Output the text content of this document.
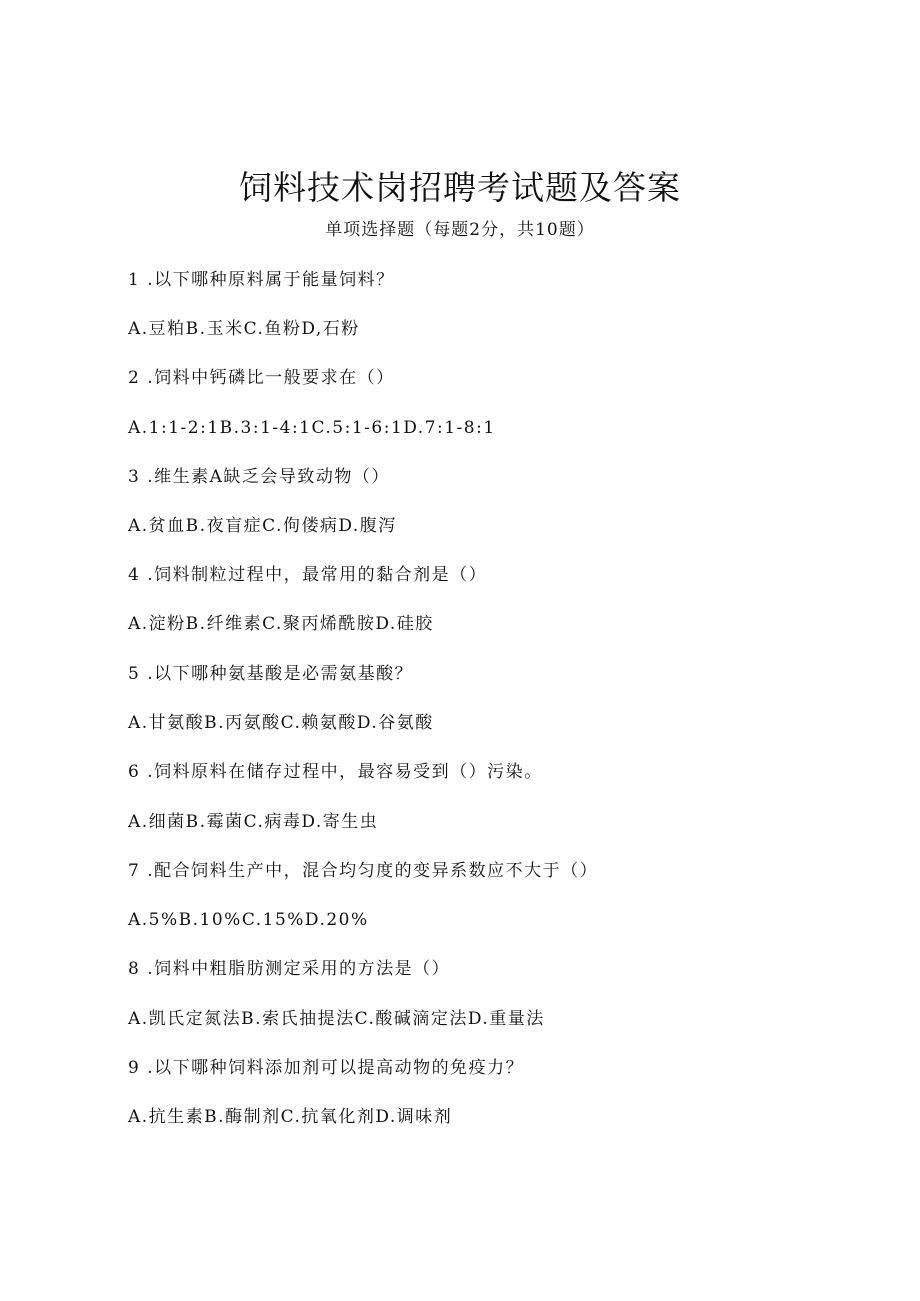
饲料技术岗招聘考试题及答案
单项选择题（每题2分，共10题）
1 .以下哪种原料属于能量饲料？
A.豆粕B.玉米C.鱼粉D,石粉
2 .饲料中钙磷比一般要求在（）
A.1:1-2:1B.3:1-4:1C.5:1-6:1D.7:1-8:1
3 .维生素A缺乏会导致动物（）
A.贫血B.夜盲症C.佝偻病D.腹泻
4 .饲料制粒过程中，最常用的黏合剂是（）
A.淀粉B.纤维素C.聚丙烯酰胺D.硅胶
5 .以下哪种氨基酸是必需氨基酸？
A.甘氨酸B.丙氨酸C.赖氨酸D.谷氨酸
6 .饲料原料在储存过程中，最容易受到（）污染。
A.细菌B.霉菌C.病毒D.寄生虫
7 .配合饲料生产中，混合均匀度的变异系数应不大于（）
A.5%B.10%C.15%D.20%
8 .饲料中粗脂肪测定采用的方法是（）
A.凯氏定氮法B.索氏抽提法C.酸碱滴定法D.重量法
9 .以下哪种饲料添加剂可以提高动物的免疫力？
A.抗生素B.酶制剂C.抗氧化剂D.调味剂
